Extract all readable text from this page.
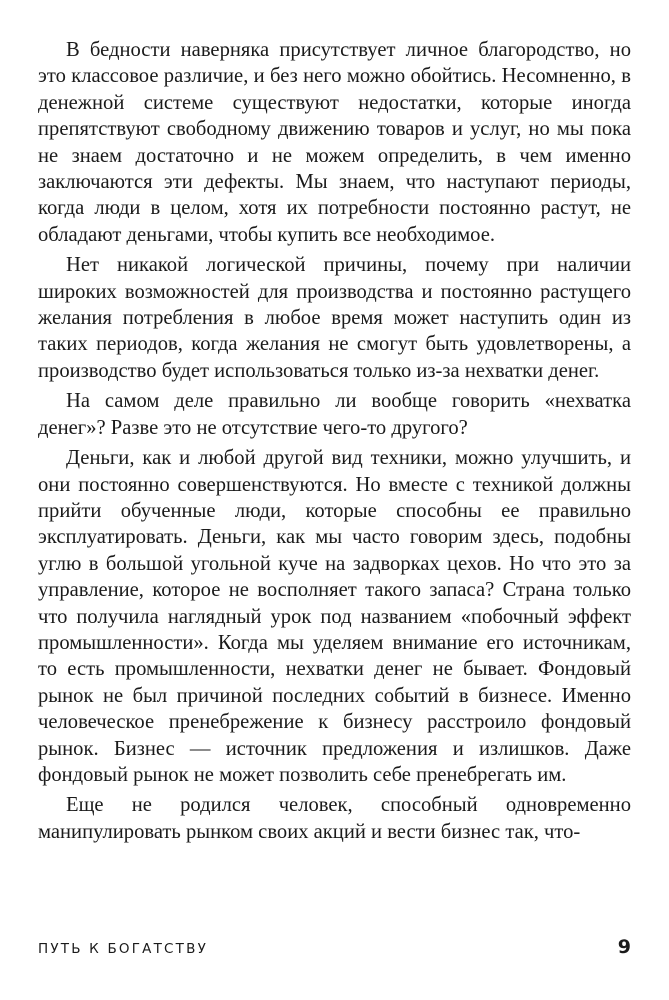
В бедности наверняка присутствует личное благородство, но это классовое различие, и без него можно обойтись. Несомненно, в денежной системе существуют недостатки, которые иногда препятствуют свободному движению товаров и услуг, но мы пока не знаем достаточно и не можем определить, в чем именно заключаются эти дефекты. Мы знаем, что наступают периоды, когда люди в целом, хотя их потребности постоянно растут, не обладают деньгами, чтобы купить все необходимое.

Нет никакой логической причины, почему при наличии широких возможностей для производства и постоянно растущего желания потребления в любое время может наступить один из таких периодов, когда желания не смогут быть удовлетворены, а производство будет использоваться только из-за нехватки денег.

На самом деле правильно ли вообще говорить «нехватка денег»? Разве это не отсутствие чего-то другого?

Деньги, как и любой другой вид техники, можно улучшить, и они постоянно совершенствуются. Но вместе с техникой должны прийти обученные люди, которые способны ее правильно эксплуатировать. Деньги, как мы часто говорим здесь, подобны углю в большой угольной куче на задворках цехов. Но что это за управление, которое не восполняет такого запаса? Страна только что получила наглядный урок под названием «побочный эффект промышленности». Когда мы уделяем внимание его источникам, то есть промышленности, нехватки денег не бывает. Фондовый рынок не был причиной последних событий в бизнесе. Именно человеческое пренебрежение к бизнесу расстроило фондовый рынок. Бизнес — источник предложения и излишков. Даже фондовый рынок не может позволить себе пренебрегать им.

Еще не родился человек, способный одновременно манипулировать рынком своих акций и вести бизнес так, что-

ПУТЬ К БОГАТСТВУ	9
